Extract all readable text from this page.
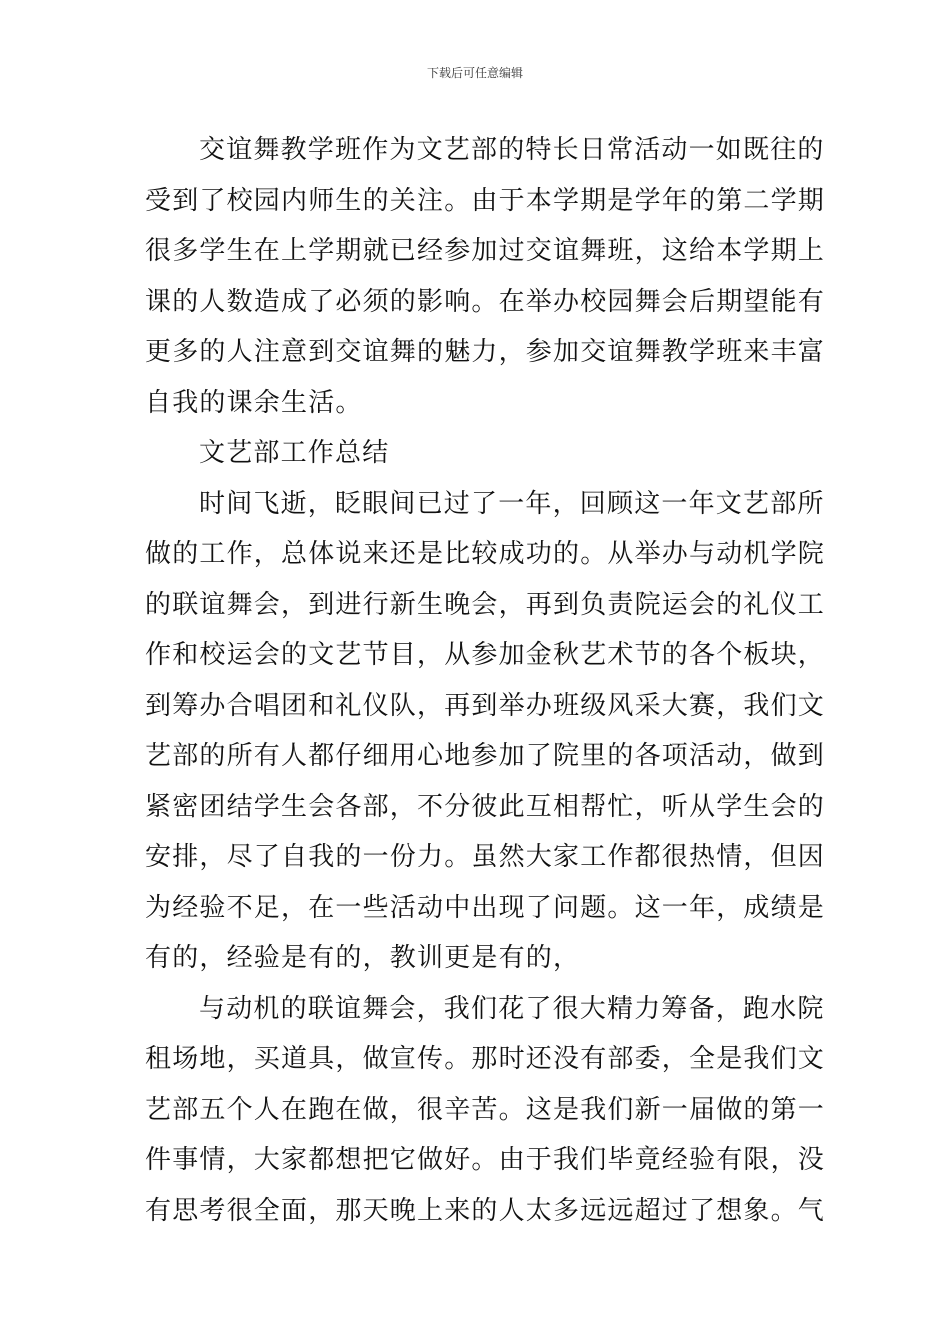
下载后可任意编辑
交谊舞教学班作为文艺部的特长日常活动一如既往的
受到了校园内师生的关注。由于本学期是学年的第二学期
很多学生在上学期就已经参加过交谊舞班，这给本学期上
课的人数造成了必须的影响。在举办校园舞会后期望能有
更多的人注意到交谊舞的魅力，参加交谊舞教学班来丰富
自我的课余生活。
文艺部工作总结
时间飞逝，眨眼间已过了一年，回顾这一年文艺部所
做的工作，总体说来还是比较成功的。从举办与动机学院
的联谊舞会，到进行新生晚会，再到负责院运会的礼仪工
作和校运会的文艺节目，从参加金秋艺术节的各个板块，
到筹办合唱团和礼仪队，再到举办班级风采大赛，我们文
艺部的所有人都仔细用心地参加了院里的各项活动，做到
紧密团结学生会各部，不分彼此互相帮忙，听从学生会的
安排，尽了自我的一份力。虽然大家工作都很热情，但因
为经验不足，在一些活动中出现了问题。这一年，成绩是
有的，经验是有的，教训更是有的，
与动机的联谊舞会，我们花了很大精力筹备，跑水院
租场地，买道具，做宣传。那时还没有部委，全是我们文
艺部五个人在跑在做，很辛苦。这是我们新一届做的第一
件事情，大家都想把它做好。由于我们毕竟经验有限，没
有思考很全面，那天晚上来的人太多远远超过了想象。气
